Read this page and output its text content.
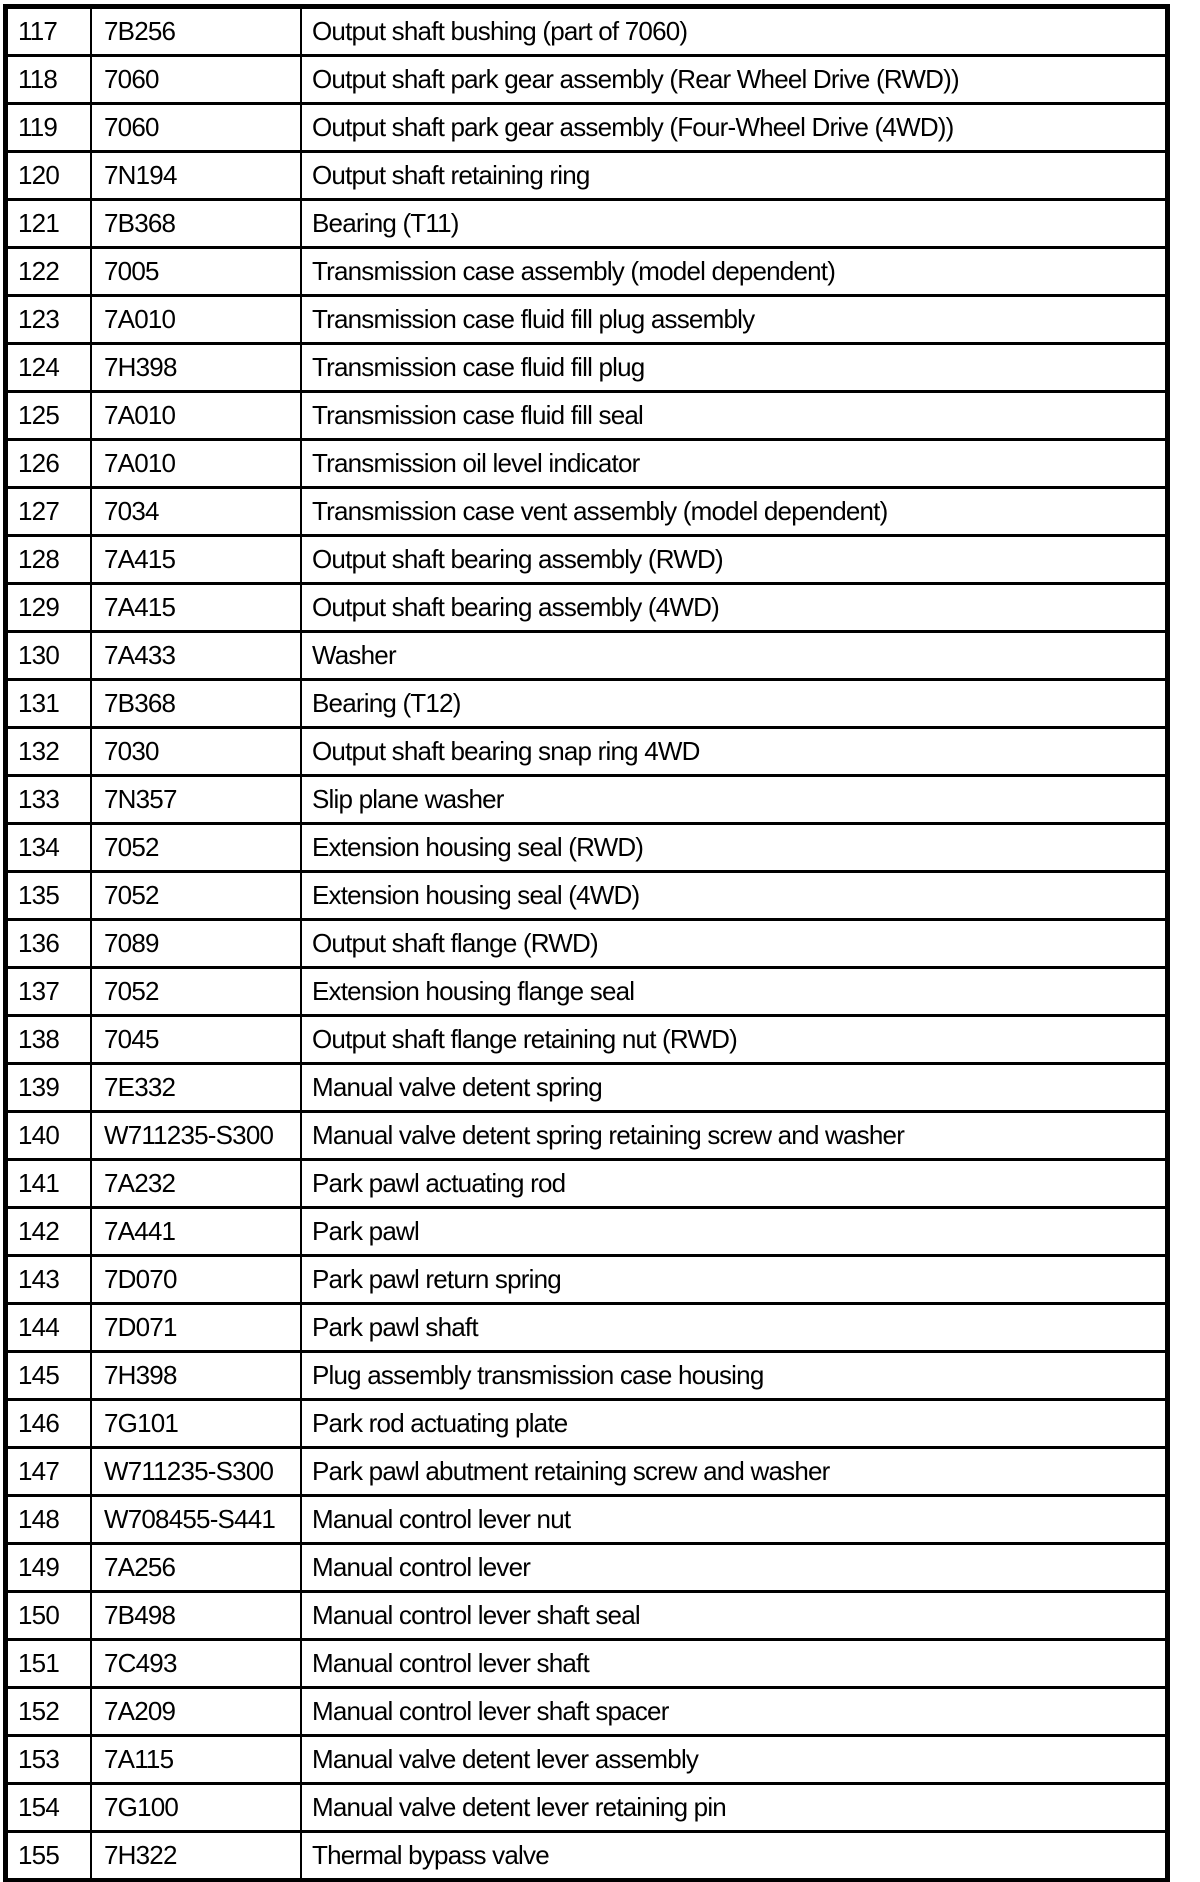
117	7B256	Output shaft bushing (part of 7060)
118	7060	Output shaft park gear assembly (Rear Wheel Drive (RWD))
119	7060	Output shaft park gear assembly (Four-Wheel Drive (4WD))
120	7N194	Output shaft retaining ring
121	7B368	Bearing (T11)
122	7005	Transmission case assembly (model dependent)
123	7A010	Transmission case fluid fill plug assembly
124	7H398	Transmission case fluid fill plug
125	7A010	Transmission case fluid fill seal
126	7A010	Transmission oil level indicator
127	7034	Transmission case vent assembly (model dependent)
128	7A415	Output shaft bearing assembly (RWD)
129	7A415	Output shaft bearing assembly (4WD)
130	7A433	Washer
131	7B368	Bearing (T12)
132	7030	Output shaft bearing snap ring 4WD
133	7N357	Slip plane washer
134	7052	Extension housing seal (RWD)
135	7052	Extension housing seal (4WD)
136	7089	Output shaft flange (RWD)
137	7052	Extension housing flange seal
138	7045	Output shaft flange retaining nut (RWD)
139	7E332	Manual valve detent spring
140	W711235-S300	Manual valve detent spring retaining screw and washer
141	7A232	Park pawl actuating rod
142	7A441	Park pawl
143	7D070	Park pawl return spring
144	7D071	Park pawl shaft
145	7H398	Plug assembly transmission case housing
146	7G101	Park rod actuating plate
147	W711235-S300	Park pawl abutment retaining screw and washer
148	W708455-S441	Manual control lever nut
149	7A256	Manual control lever
150	7B498	Manual control lever shaft seal
151	7C493	Manual control lever shaft
152	7A209	Manual control lever shaft spacer
153	7A115	Manual valve detent lever assembly
154	7G100	Manual valve detent lever retaining pin
155	7H322	Thermal bypass valve
